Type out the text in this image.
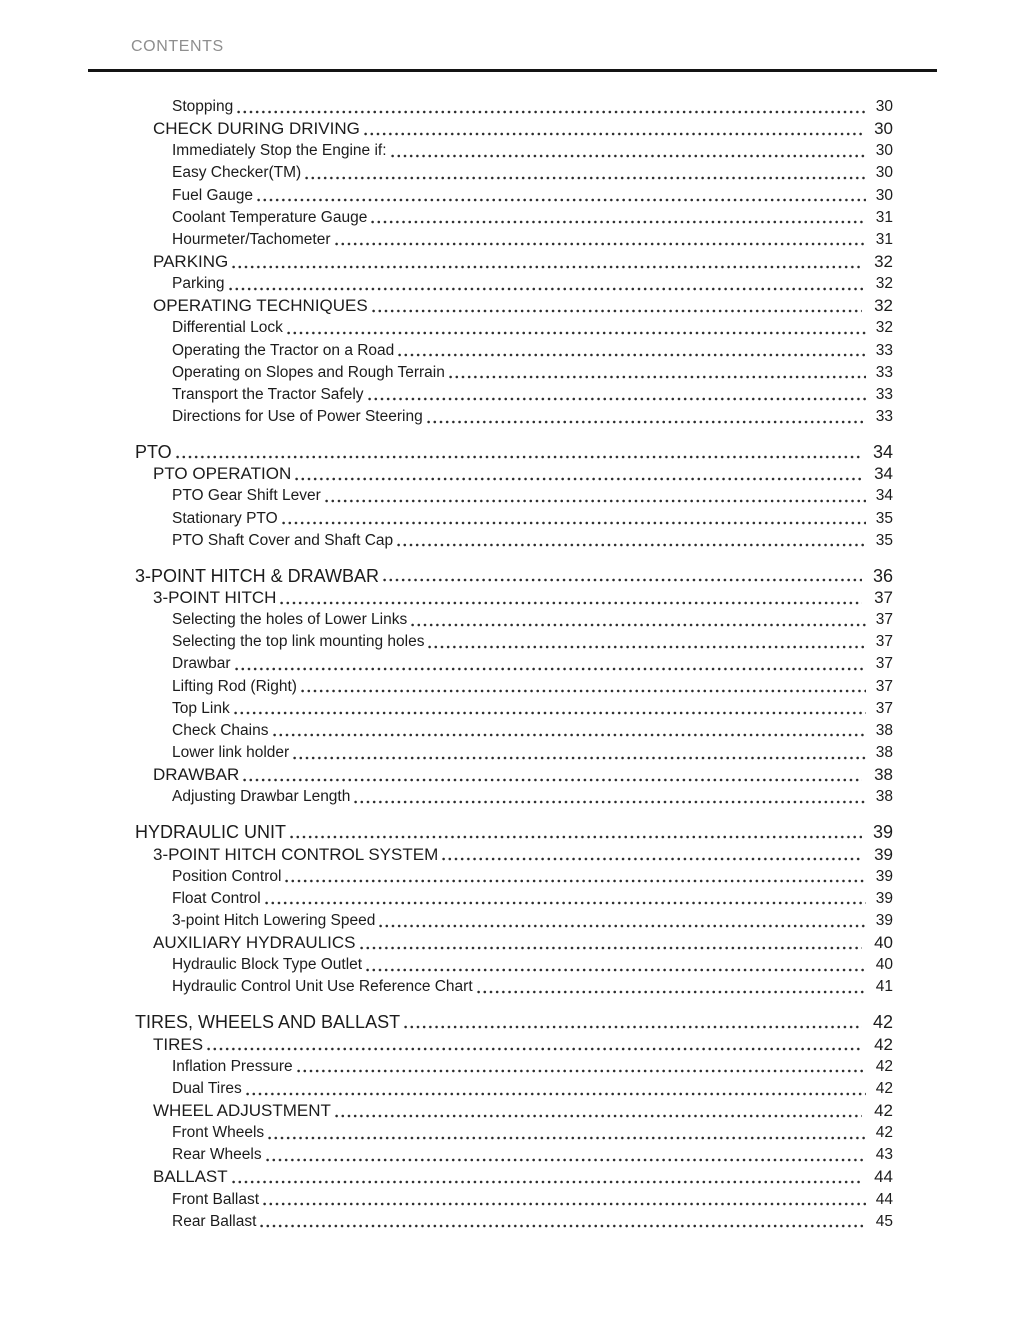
CONTENTS
Stopping	30
CHECK DURING DRIVING	30
Immediately Stop the Engine if:	30
Easy Checker(TM)	30
Fuel Gauge	30
Coolant Temperature Gauge	31
Hourmeter/Tachometer	31
PARKING	32
Parking	32
OPERATING TECHNIQUES	32
Differential Lock	32
Operating the Tractor on a Road	33
Operating on Slopes and Rough Terrain	33
Transport the Tractor Safely	33
Directions for Use of Power Steering	33
PTO	34
PTO OPERATION	34
PTO Gear Shift Lever	34
Stationary PTO	35
PTO Shaft Cover and Shaft Cap	35
3-POINT HITCH & DRAWBAR	36
3-POINT HITCH	37
Selecting the holes of Lower Links	37
Selecting the top link mounting holes	37
Drawbar	37
Lifting Rod (Right)	37
Top Link	37
Check Chains	38
Lower link holder	38
DRAWBAR	38
Adjusting Drawbar Length	38
HYDRAULIC UNIT	39
3-POINT HITCH CONTROL SYSTEM	39
Position Control	39
Float Control	39
3-point Hitch Lowering Speed	39
AUXILIARY HYDRAULICS	40
Hydraulic Block Type Outlet	40
Hydraulic Control Unit Use Reference Chart	41
TIRES, WHEELS AND BALLAST	42
TIRES	42
Inflation Pressure	42
Dual Tires	42
WHEEL ADJUSTMENT	42
Front Wheels	42
Rear Wheels	43
BALLAST	44
Front Ballast	44
Rear Ballast	45
